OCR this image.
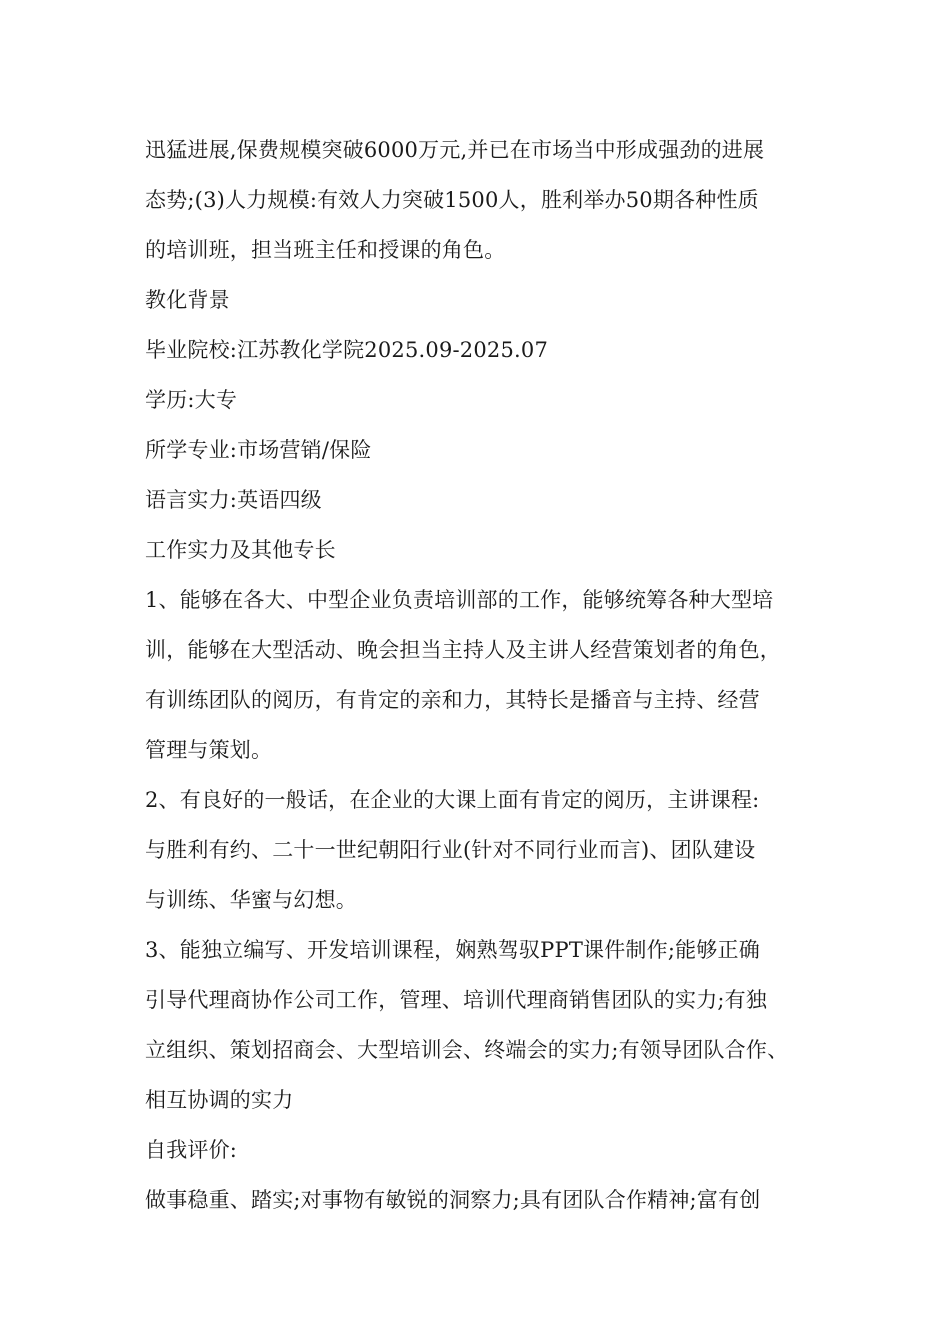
迅猛进展,保费规模突破6000万元,并已在市场当中形成强劲的进展
态势;(3)人力规模:有效人力突破1500人，胜利举办50期各种性质
的培训班，担当班主任和授课的角色。
教化背景
毕业院校:江苏教化学院2025.09-2025.07
学历:大专
所学专业:市场营销/保险
语言实力:英语四级
工作实力及其他专长
1、能够在各大、中型企业负责培训部的工作，能够统筹各种大型培
训，能够在大型活动、晚会担当主持人及主讲人经营策划者的角色，
有训练团队的阅历，有肯定的亲和力，其特长是播音与主持、经营
管理与策划。
2、有良好的一般话，在企业的大课上面有肯定的阅历，主讲课程:
与胜利有约、二十一世纪朝阳行业(针对不同行业而言)、团队建设
与训练、华蜜与幻想。
3、能独立编写、开发培训课程，娴熟驾驭PPT课件制作;能够正确
引导代理商协作公司工作，管理、培训代理商销售团队的实力;有独
立组织、策划招商会、大型培训会、终端会的实力;有领导团队合作、
相互协调的实力
自我评价:
做事稳重、踏实;对事物有敏锐的洞察力;具有团队合作精神;富有创
